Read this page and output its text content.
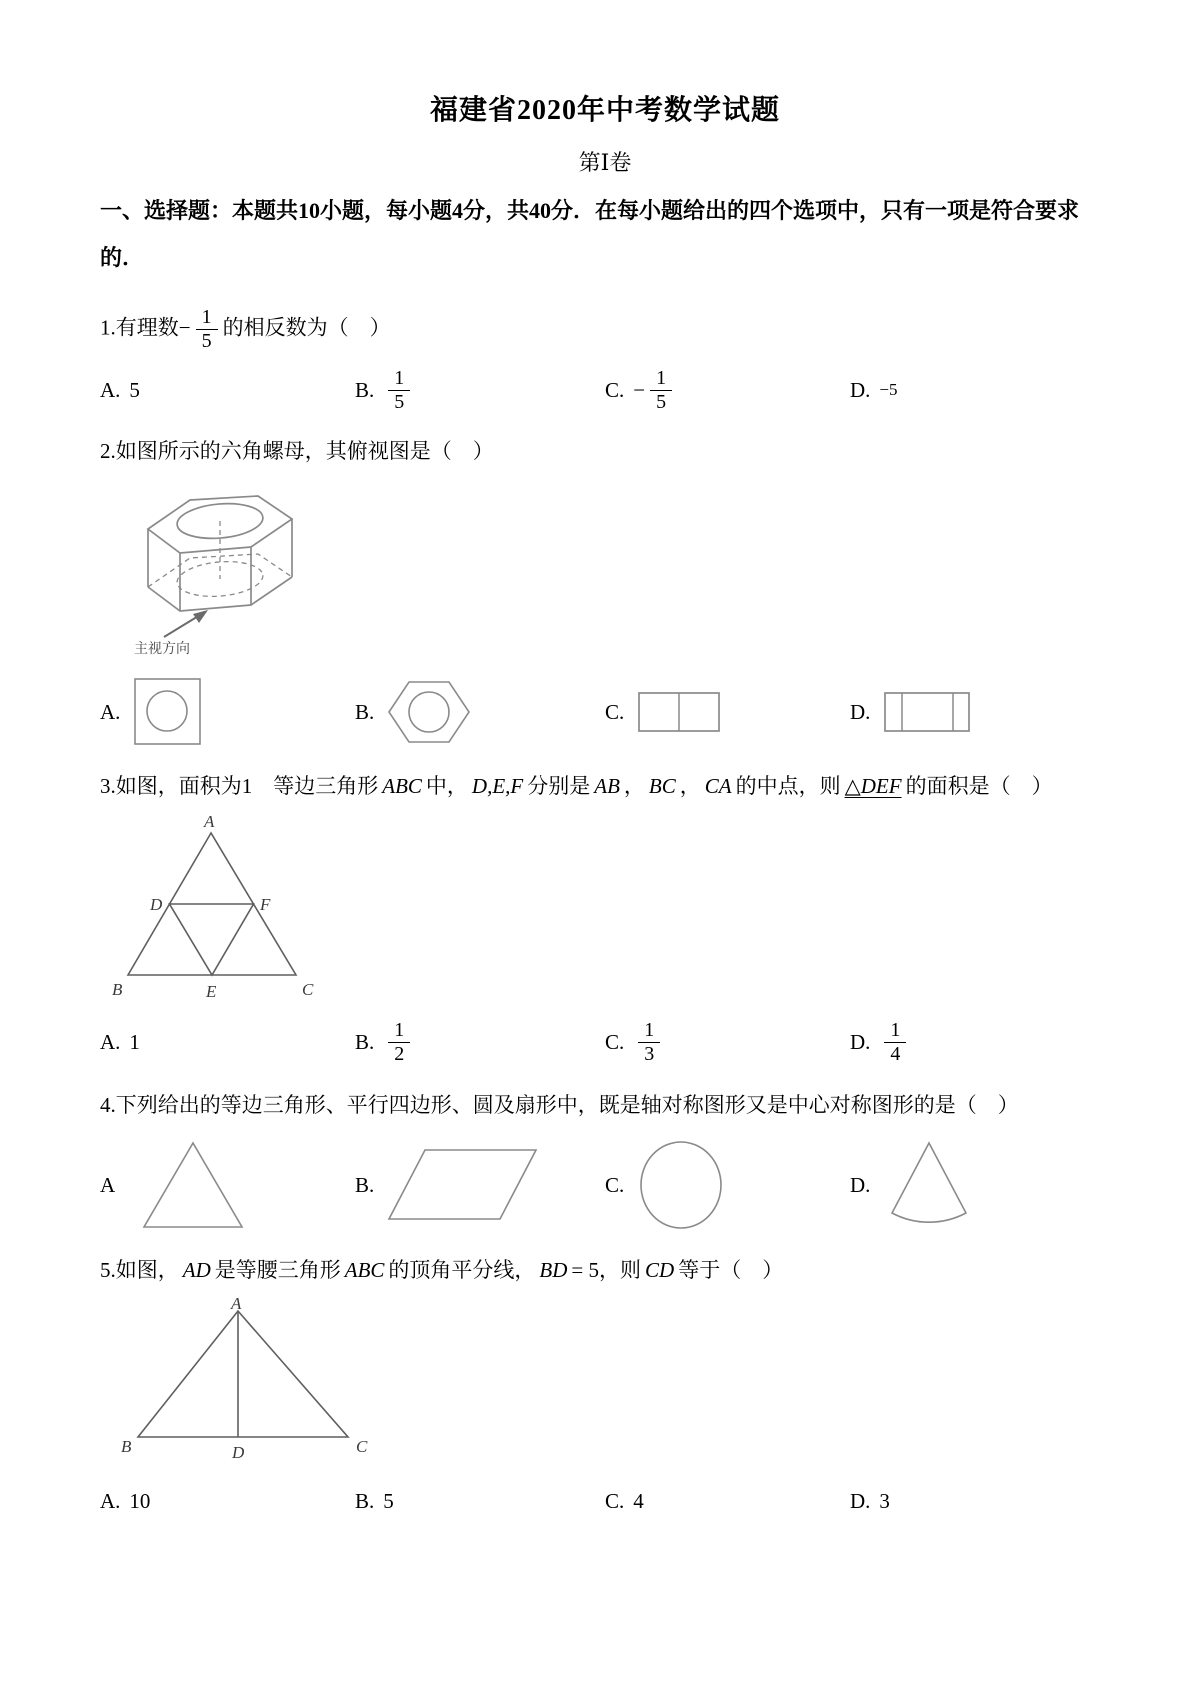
福建省2020年中考数学试题
第Ⅰ卷
一、选择题：本题共10小题，每小题4分，共40分．在每小题给出的四个选项中，只有一项是符合要求的．
1.有理数− $\frac{1}{5}$ 的相反数为（　）
A. 5	B. $\frac{1}{5}$	C. − $\frac{1}{5}$	D. −5
2.如图所示的六角螺母，其俯视图是（　）
主视方向
A.	B.	C.	D.
3.如图，面积为1　等边三角形 ABC 中， D,E,F 分别是 AB ， BC ， CA 的中点，则 △DEF 的面积是（　）
A
D	F
B	E	C
A. 1	B. $\frac{1}{2}$	C. $\frac{1}{3}$	D. $\frac{1}{4}$
4.下列给出的等边三角形、平行四边形、圆及扇形中，既是轴对称图形又是中心对称图形的是（　）
A	B.	C.	D.
5.如图， AD 是等腰三角形 ABC 的顶角平分线， BD = 5，则 CD 等于（　）
A
B	C
D
A. 10	B. 5	C. 4	D. 3
